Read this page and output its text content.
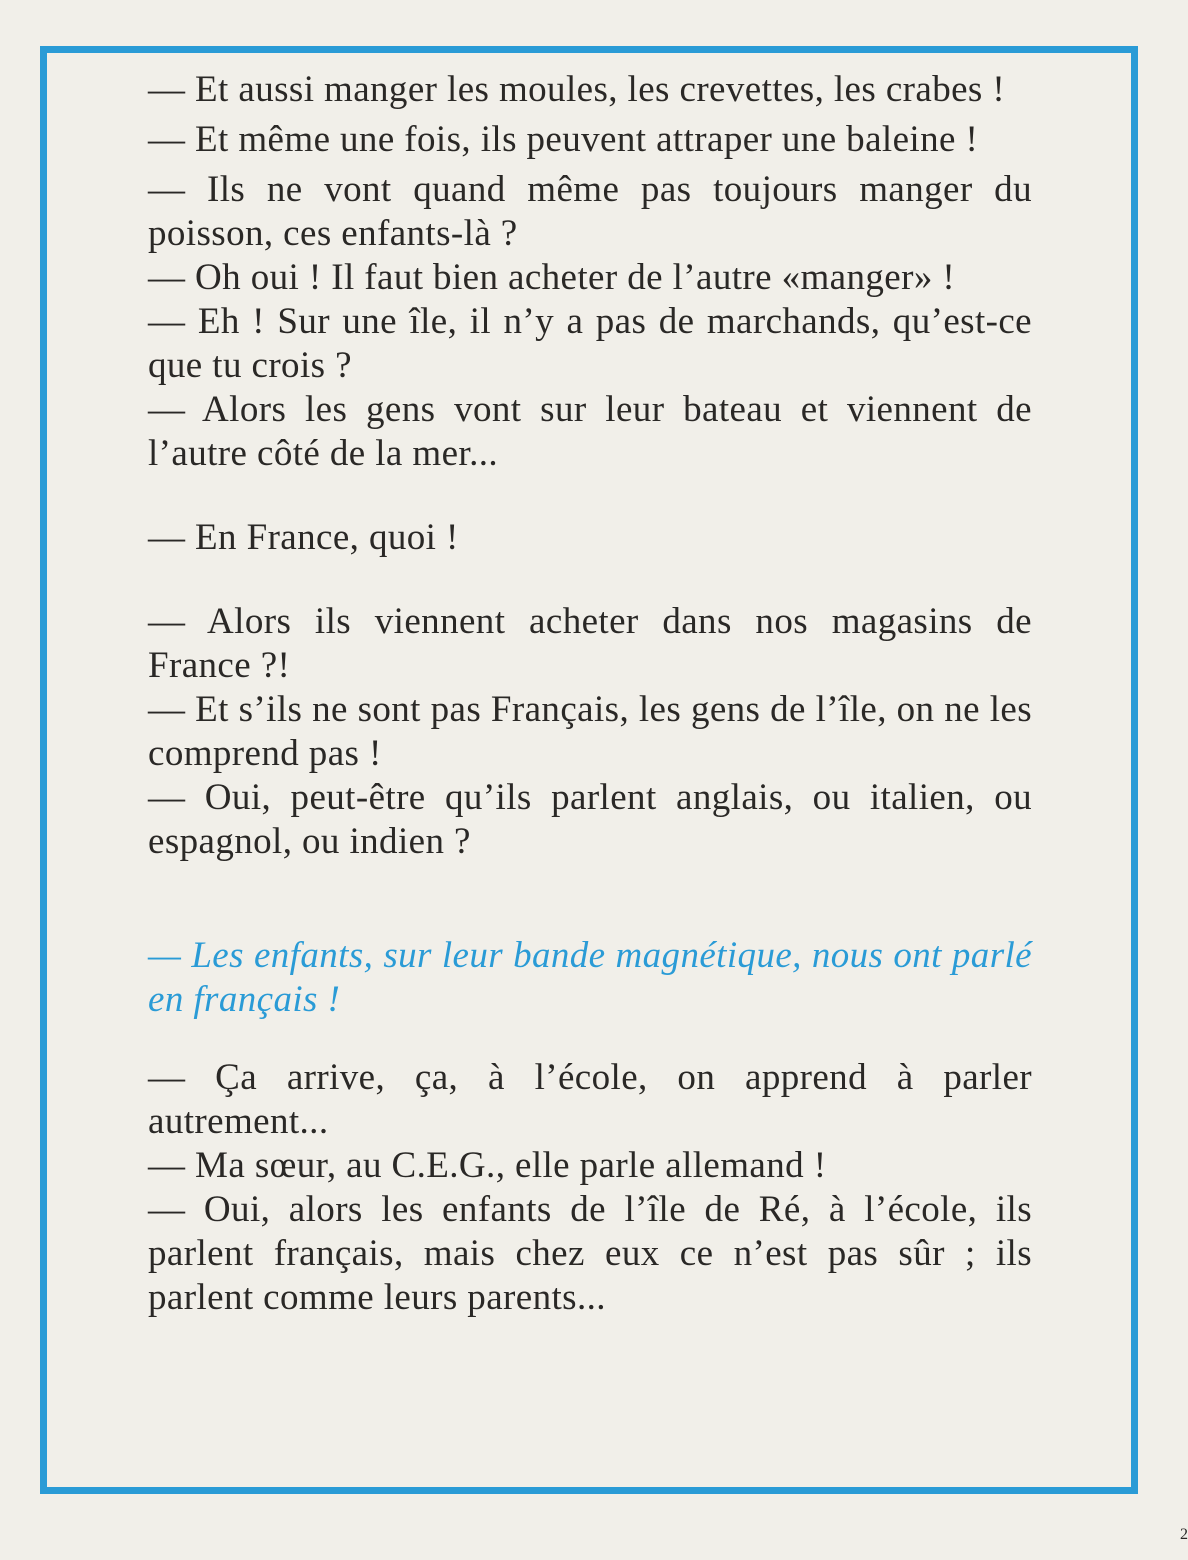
— Et aussi manger les moules, les crevettes, les crabes !

— Et même une fois, ils peuvent attraper une baleine !

— Ils ne vont quand même pas toujours manger du poisson, ces enfants-là ?

— Oh oui ! Il faut bien acheter de l’autre «manger» !

— Eh ! Sur une île, il n’y a pas de marchands, qu’est-ce que tu crois ?

— Alors les gens vont sur leur bateau et viennent de l’autre côté de la mer...

— En France, quoi !

— Alors ils viennent acheter dans nos magasins de France ?!

— Et s’ils ne sont pas Français, les gens de l’île, on ne les comprend pas !

— Oui, peut-être qu’ils parlent anglais, ou italien, ou espagnol, ou indien ?

— Les enfants, sur leur bande magnétique, nous ont parlé en français !

— Ça arrive, ça, à l’école, on apprend à parler autrement...

— Ma sœur, au C.E.G., elle parle allemand !

— Oui, alors les enfants de l’île de Ré, à l’école, ils parlent français, mais chez eux ce n’est pas sûr ; ils parlent comme leurs parents...

2
